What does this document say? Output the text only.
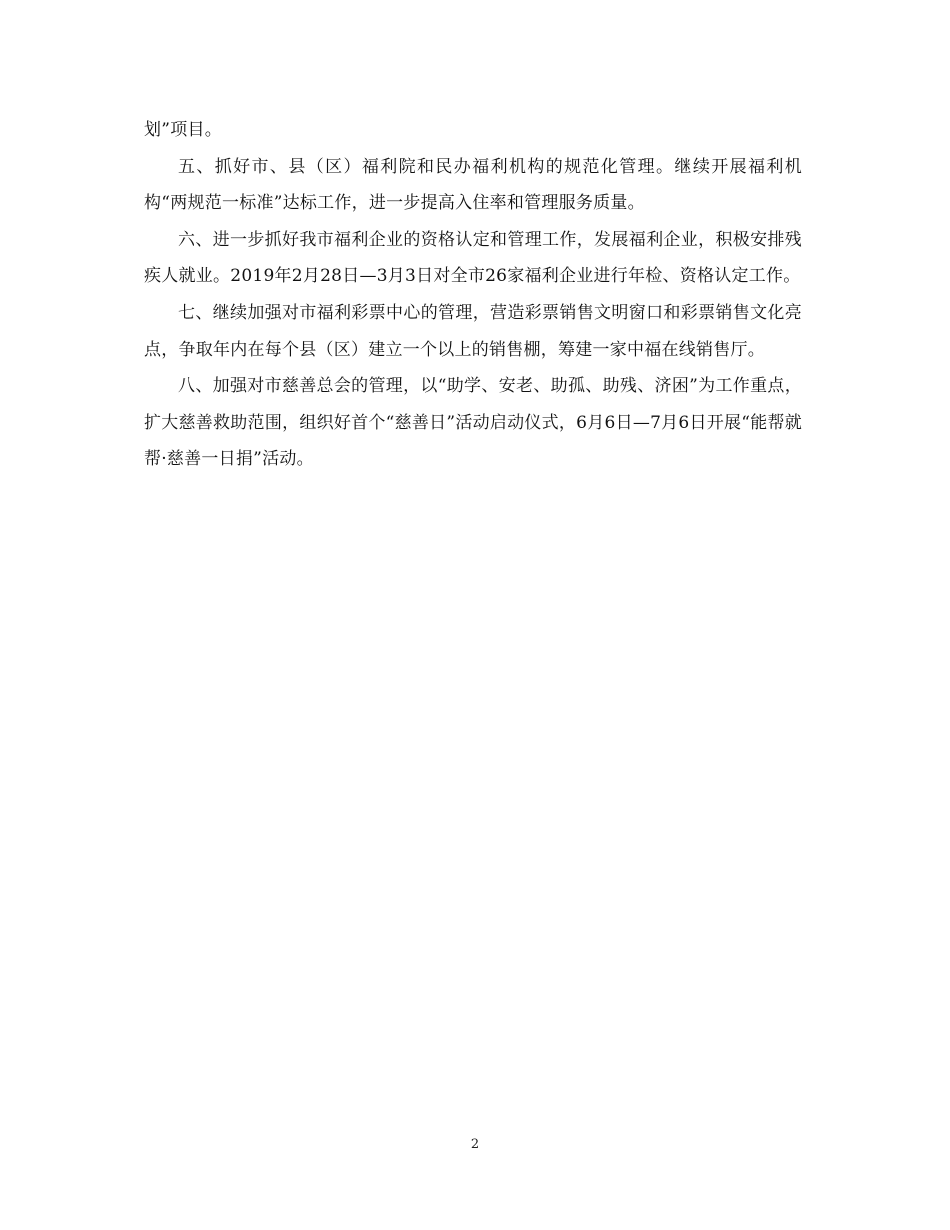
划”项目。

五、抓好市、县（区）福利院和民办福利机构的规范化管理。继续开展福利机构“两规范一标准”达标工作，进一步提高入住率和管理服务质量。

六、进一步抓好我市福利企业的资格认定和管理工作，发展福利企业，积极安排残疾人就业。2019年2月28日—3月3日对全市26家福利企业进行年检、资格认定工作。

七、继续加强对市福利彩票中心的管理，营造彩票销售文明窗口和彩票销售文化亮点，争取年内在每个县（区）建立一个以上的销售棚，筹建一家中福在线销售厅。

八、加强对市慈善总会的管理，以“助学、安老、助孤、助残、济困”为工作重点，扩大慈善救助范围，组织好首个“慈善日”活动启动仪式，6月6日—7月6日开展“能帮就帮·慈善一日捐”活动。

2
